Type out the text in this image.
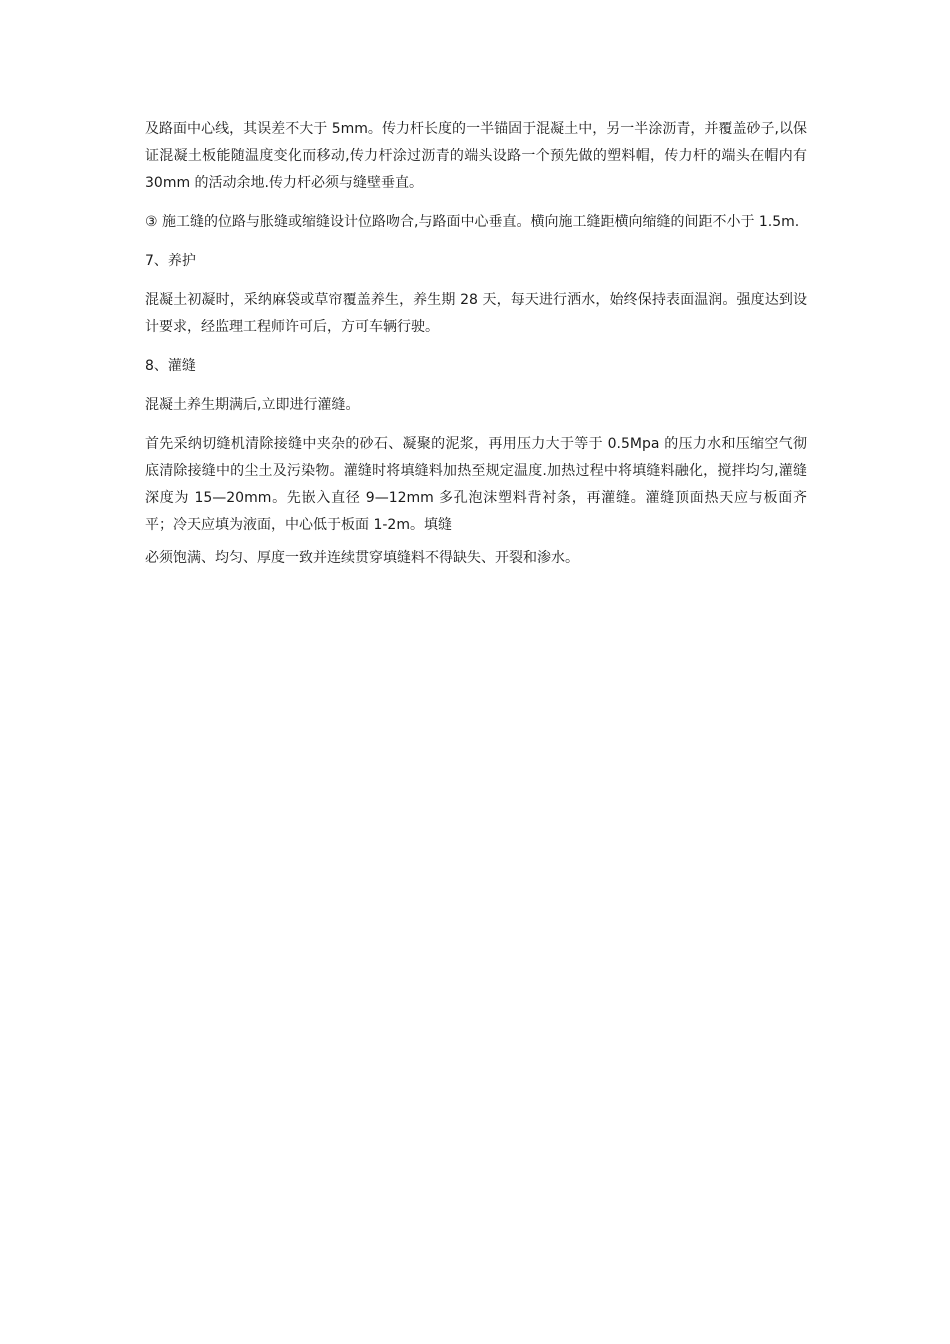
及路面中心线，其误差不大于 5mm。传力杆长度的一半锚固于混凝土中，另一半涂沥青，并覆盖砂子,以保证混凝土板能随温度变化而移动,传力杆涂过沥青的端头设路一个预先做的塑料帽，传力杆的端头在帽内有 30mm 的活动余地.传力杆必须与缝壁垂直。

③ 施工缝的位路与胀缝或缩缝设计位路吻合,与路面中心垂直。横向施工缝距横向缩缝的间距不小于 1.5m.

7、养护

混凝土初凝时，采纳麻袋或草帘覆盖养生，养生期 28 天，每天进行洒水，始终保持表面温润。强度达到设计要求，经监理工程师许可后，方可车辆行驶。

8、灌缝

混凝土养生期满后,立即进行灌缝。

首先采纳切缝机清除接缝中夹杂的砂石、凝聚的泥浆，再用压力大于等于 0.5Mpa 的压力水和压缩空气彻底清除接缝中的尘土及污染物。灌缝时将填缝料加热至规定温度.加热过程中将填缝料融化，搅拌均匀,灌缝深度为 15—20mm。先嵌入直径 9—12mm 多孔泡沫塑料背衬条，再灌缝。灌缝顶面热天应与板面齐平；冷天应填为液面，中心低于板面 1-2m。填缝

必须饱满、均匀、厚度一致并连续贯穿填缝料不得缺失、开裂和渗水。
